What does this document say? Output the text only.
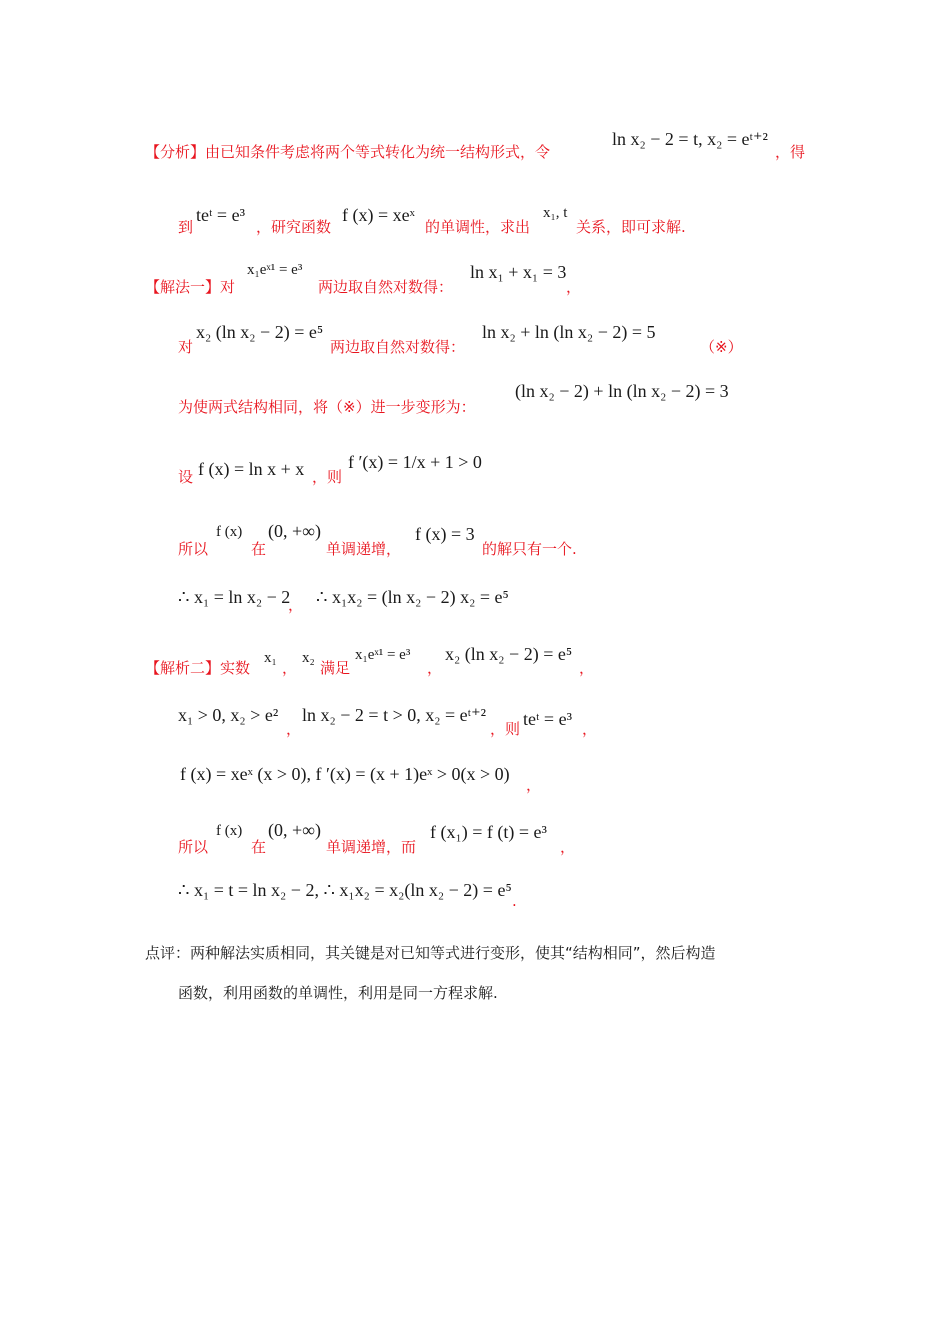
【分析】由已知条件考虑将两个等式转化为统一结构形式，令
ln x₂ − 2 = t, x₂ = eᵗ⁺²
，得
到
teᵗ = e³
，研究函数
f (x) = xeˣ
的单调性，求出
x₁, t
关系，即可求解.
【解法一】对
x₁eˣ¹ = e³
两边取自然对数得：
ln x₁ + x₁ = 3
，
对
x₂ (ln x₂ − 2) = e⁵
两边取自然对数得：
ln x₂ + ln (ln x₂ − 2) = 5
（※）
为使两式结构相同，将（※）进一步变形为：
(ln x₂ − 2) + ln (ln x₂ − 2) = 3
设 f (x) = ln x + x ，则
f ′(x) = 1/x + 1 > 0
所以
f (x)
在
(0, +∞)
单调递增，
f (x) = 3
的解只有一个.
∴ x₁ = ln x₂ − 2
， ∴ x₁x₂ = (ln x₂ − 2) x₂ = e⁵
【解析二】实数
x₁
，
x₂
满足
x₁eˣ¹ = e³
，
x₂ (ln x₂ − 2) = e⁵
，
x₁ > 0, x₂ > e²
，
ln x₂ − 2 = t > 0, x₂ = eᵗ⁺²
，则 teᵗ = e³ ，
f (x) = xeˣ (x > 0), f ′(x) = (x + 1)eˣ > 0(x > 0)
，
所以
f (x)
在
(0, +∞)
单调递增，而
f (x₁) = f (t) = e³
，
∴ x₁ = t = ln x₂ − 2, ∴ x₁x₂ = x₂(ln x₂ − 2) = e⁵
.
点评：两种解法实质相同，其关键是对已知等式进行变形，使其“结构相同”，然后构造
函数，利用函数的单调性，利用是同一方程求解.
